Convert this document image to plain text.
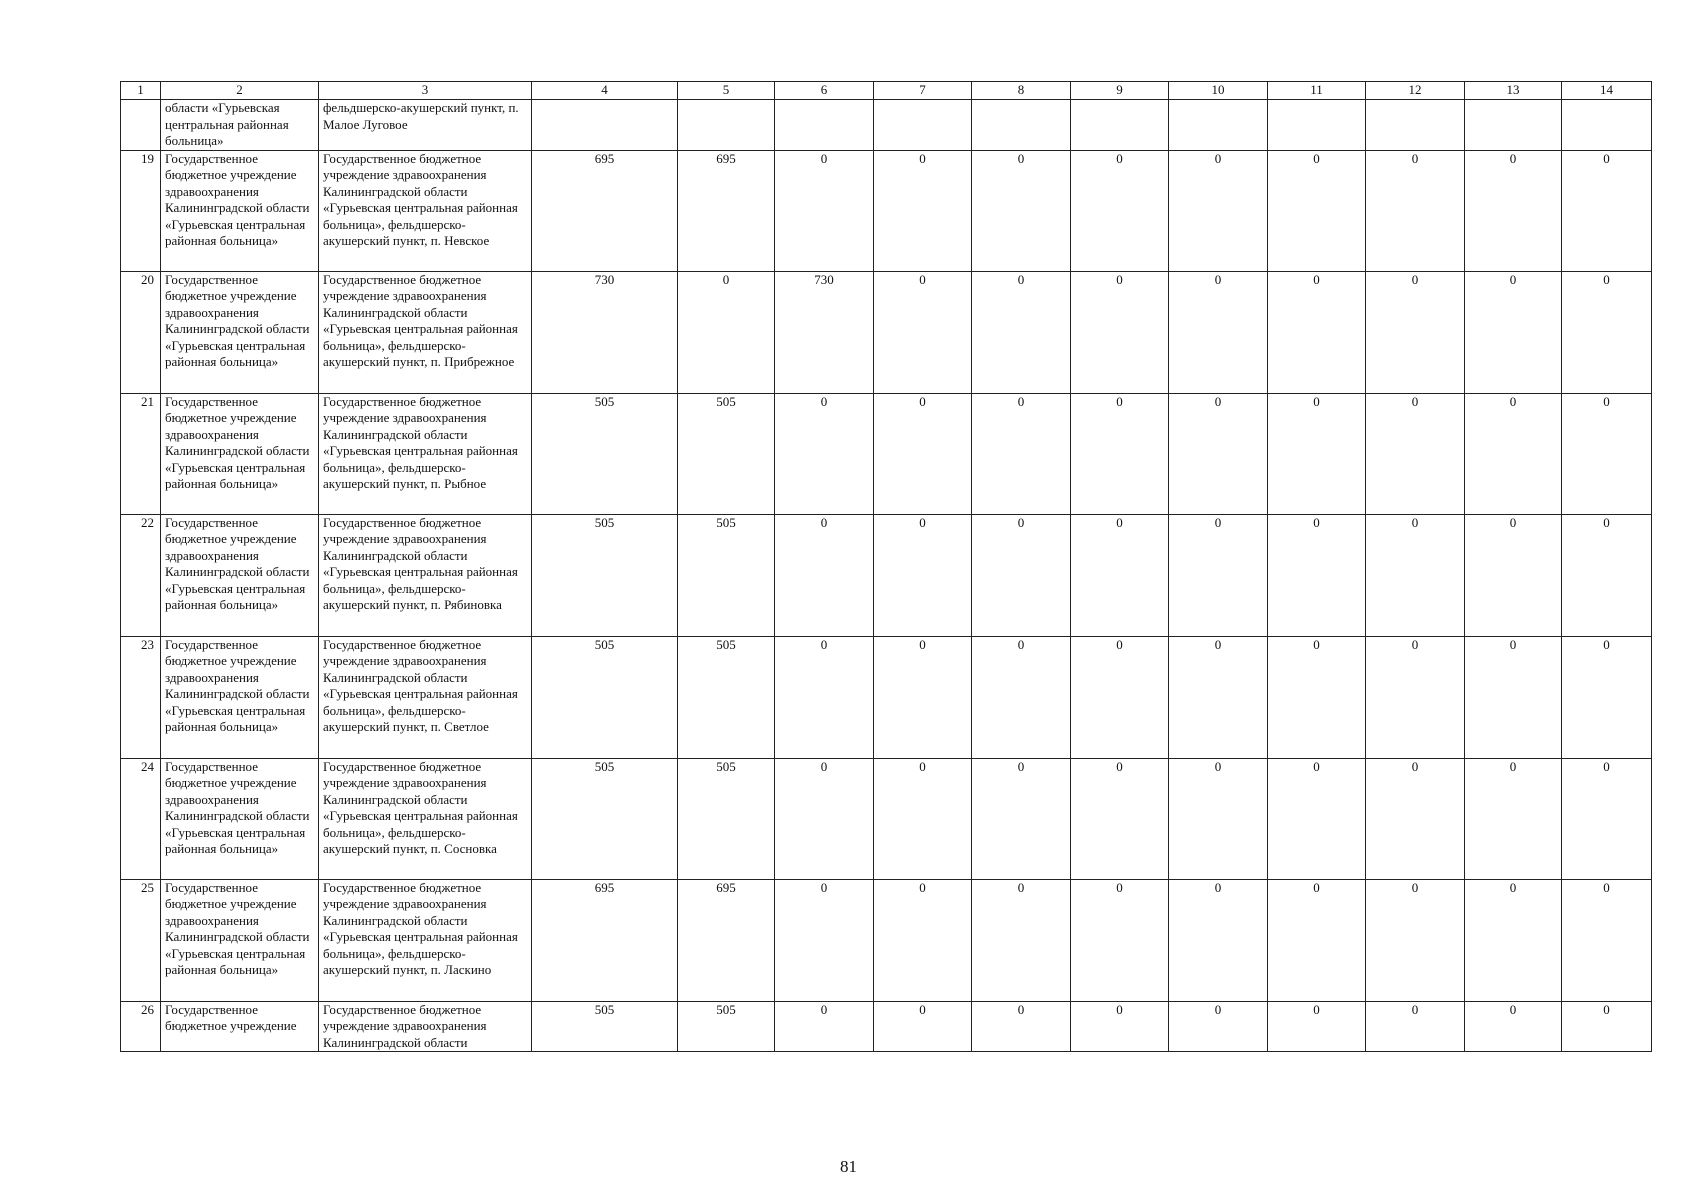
1	2	3	4	5	6	7	8	9	10	11	12	13	14
	области «Гурьевская центральная районная больница»	фельдшерско-акушерский пункт, п. Малое Луговое											
19	Государственное бюджетное учреждение здравоохранения Калининградской области «Гурьевская центральная районная больница»	Государственное бюджетное учреждение здравоохранения Калининградской области «Гурьевская центральная районная больница», фельдшерско-акушерский пункт, п. Невское	695	695	0	0	0	0	0	0	0	0	0
20	Государственное бюджетное учреждение здравоохранения Калининградской области «Гурьевская центральная районная больница»	Государственное бюджетное учреждение здравоохранения Калининградской области «Гурьевская центральная районная больница», фельдшерско-акушерский пункт, п. Прибрежное	730	0	730	0	0	0	0	0	0	0	0
21	Государственное бюджетное учреждение здравоохранения Калининградской области «Гурьевская центральная районная больница»	Государственное бюджетное учреждение здравоохранения Калининградской области «Гурьевская центральная районная больница», фельдшерско-акушерский пункт, п. Рыбное	505	505	0	0	0	0	0	0	0	0	0
22	Государственное бюджетное учреждение здравоохранения Калининградской области «Гурьевская центральная районная больница»	Государственное бюджетное учреждение здравоохранения Калининградской области «Гурьевская центральная районная больница», фельдшерско-акушерский пункт, п. Рябиновка	505	505	0	0	0	0	0	0	0	0	0
23	Государственное бюджетное учреждение здравоохранения Калининградской области «Гурьевская центральная районная больница»	Государственное бюджетное учреждение здравоохранения Калининградской области «Гурьевская центральная районная больница», фельдшерско-акушерский пункт, п. Светлое	505	505	0	0	0	0	0	0	0	0	0
24	Государственное бюджетное учреждение здравоохранения Калининградской области «Гурьевская центральная районная больница»	Государственное бюджетное учреждение здравоохранения Калининградской области «Гурьевская центральная районная больница», фельдшерско-акушерский пункт, п. Сосновка	505	505	0	0	0	0	0	0	0	0	0
25	Государственное бюджетное учреждение здравоохранения Калининградской области «Гурьевская центральная районная больница»	Государственное бюджетное учреждение здравоохранения Калининградской области «Гурьевская центральная районная больница», фельдшерско-акушерский пункт, п. Ласкино	695	695	0	0	0	0	0	0	0	0	0
26	Государственное бюджетное учреждение	Государственное бюджетное учреждение здравоохранения Калининградской области	505	505	0	0	0	0	0	0	0	0	0
81
